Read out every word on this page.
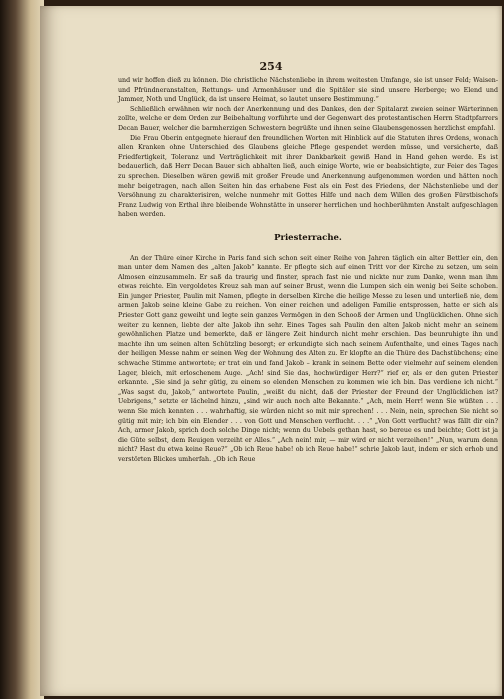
254

und wir hoffen dieß zu können. Die christliche Nächstenliebe in ihrem weitesten Umfange, sie ist unser Feld; Waisen- und Pfründneranstalten, Rettungs- und Armenhäuser und die Spitäler sie sind unsere Herberge; wo Elend und Jammer, Noth und Unglück, da ist unsere Heimat, so lautet unsere Bestimmung.“

Schließlich erwähnen wir noch der Anerkennung und des Dankes, den der Spitalarzt zweien seiner Wärterinnen zollte, welche er dem Orden zur Beibehaltung vorführte und der Gegenwart des protestantischen Herrn Stadtpfarrers Decan Bauer, welcher die barmherzigen Schwestern begrüßte und ihnen seine Glaubensgenossen herzlichst empfahl.

Die Frau Oberin entgegnete hierauf den freundlichen Worten mit Hinblick auf die Statuten ihres Ordens, wonach allen Kranken ohne Unterschied des Glaubens gleiche Pflege gespendet werden müsse, und versicherte, daß Friedfertigkeit, Toleranz und Verträglichkeit mit ihrer Dankbarkeit gewiß Hand in Hand gehen werde. Es ist bedauerlich, daß Herr Decan Bauer sich abhalten ließ, auch einige Worte, wie er beabsichtigte, zur Feier des Tages zu sprechen. Dieselben wären gewiß mit großer Freude und Anerkennung aufgenommen worden und hätten noch mehr beigetragen, nach allen Seiten hin das erhabene Fest als ein Fest des Friedens, der Nächstenliebe und der Versöhnung zu charakterisiren, welche nunmehr mit Gottes Hilfe und nach dem Willen des großen Fürstbischofs Franz Ludwig von Erthal ihre bleibende Wohnstätte in unserer herrlichen und hochberühmten Anstalt aufgeschlagen haben werden.

Priesterrache.

An der Thüre einer Kirche in Paris fand sich schon seit einer Reihe von Jahren täglich ein alter Bettler ein, den man unter dem Namen des „alten Jakob“ kannte. Er pflegte sich auf einen Tritt vor der Kirche zu setzen, um sein Almosen einzusammeln. Er saß da traurig und finster, sprach fast nie und nickte nur zum Danke, wenn man ihm etwas reichte. Ein vergoldetes Kreuz sah man auf seiner Brust, wenn die Lumpen sich ein wenig bei Seite schoben. Ein junger Priester, Paulin mit Namen, pflegte in derselben Kirche die heilige Messe zu lesen und unterließ nie, dem armen Jakob seine kleine Gabe zu reichen. Von einer reichen und adeligen Familie entsprossen, hatte er sich als Priester Gott ganz geweiht und legte sein ganzes Vermögen in den Schooß der Armen und Unglücklichen. Ohne sich weiter zu kennen, liebte der alte Jakob ihn sehr. Eines Tages sah Paulin den alten Jakob nicht mehr an seinem gewöhnlichen Platze und bemerkte, daß er längere Zeit hindurch nicht mehr erschien. Das beunruhigte ihn und machte ihn um seinen alten Schützling besorgt; er erkundigte sich nach seinem Aufenthalte, und eines Tages nach der heiligen Messe nahm er seinen Weg der Wohnung des Alten zu. Er klopfte an die Thüre des Dachstübchens; eine schwache Stimme antwortete; er trat ein und fand Jakob – krank in seinem Bette oder vielmehr auf seinem elenden Lager, bleich, mit erloschenem Auge. „Ach! sind Sie das, hochwürdiger Herr?“ rief er, als er den guten Priester erkannte. „Sie sind ja sehr gütig, zu einem so elenden Menschen zu kommen wie ich bin. Das verdiene ich nicht.“ „Was sagst du, Jakob,“ antwortete Paulin, „weißt du nicht, daß der Priester der Freund der Unglücklichen ist? Uebrigens,“ setzte er lächelnd hinzu, „sind wir auch noch alte Bekannte.“ „Ach, mein Herr! wenn Sie wüßten . . . wenn Sie mich kennten . . . wahrhaftig, sie würden nicht so mit mir sprechen! . . . Nein, nein, sprechen Sie nicht so gütig mit mir; ich bin ein Elender . . . von Gott und Menschen verflucht. . . .“ „Von Gott verflucht? was fällt dir ein? Ach, armer Jakob, sprich doch solche Dinge nicht; wenn du Uebels gethan hast, so bereue es und beichte; Gott ist ja die Güte selbst, dem Reuigen verzeiht er Alles.“ „Ach nein! mir, — mir wird er nicht verzeihen!“ „Nun, warum denn nicht? Hast du etwa keine Reue?“ „Ob ich Reue habe! ob ich Reue habe!“ schrie Jakob laut, indem er sich erhob und verstörten Blickes umherfah. „Ob ich Reue
